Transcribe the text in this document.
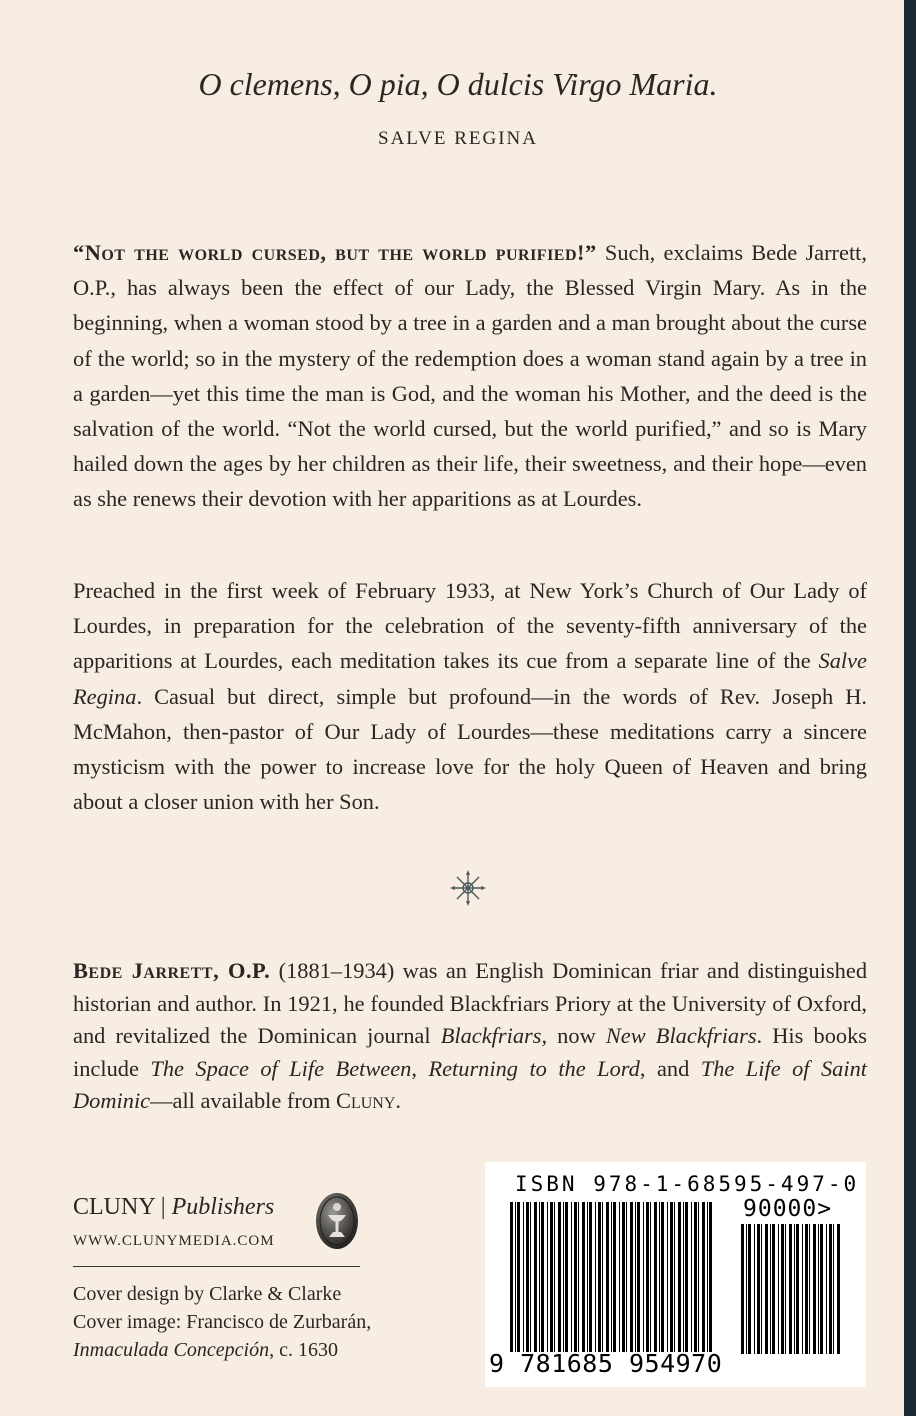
O clemens, O pia, O dulcis Virgo Maria.
SALVE REGINA

“Not the world cursed, but the world purified!” Such, exclaims Bede Jarrett, O.P., has always been the effect of our Lady, the Blessed Virgin Mary. As in the beginning, when a woman stood by a tree in a garden and a man brought about the curse of the world; so in the mystery of the redemption does a woman stand again by a tree in a garden—yet this time the man is God, and the woman his Mother, and the deed is the salvation of the world. “Not the world cursed, but the world purified,” and so is Mary hailed down the ages by her children as their life, their sweetness, and their hope—even as she renews their devotion with her apparitions as at Lourdes.

Preached in the first week of February 1933, at New York’s Church of Our Lady of Lourdes, in preparation for the celebration of the seventy-fifth anniversary of the apparitions at Lourdes, each meditation takes its cue from a separate line of the Salve Regina. Casual but direct, simple but profound—in the words of Rev. Joseph H. McMahon, then-pastor of Our Lady of Lourdes—these meditations carry a sincere mysticism with the power to increase love for the holy Queen of Heaven and bring about a closer union with her Son.

Bede Jarrett, O.P. (1881–1934) was an English Dominican friar and distinguished historian and author. In 1921, he founded Blackfriars Priory at the University of Oxford, and revitalized the Dominican journal Blackfriars, now New Blackfriars. His books include The Space of Life Between, Returning to the Lord, and The Life of Saint Dominic—all available from Cluny.

CLUNY | Publishers
WWW.CLUNYMEDIA.COM
Cover design by Clarke & Clarke
Cover image: Francisco de Zurbarán,
Inmaculada Concepción, c. 1630
ISBN 978-1-68595-497-0
90000>
9 781685 954970
